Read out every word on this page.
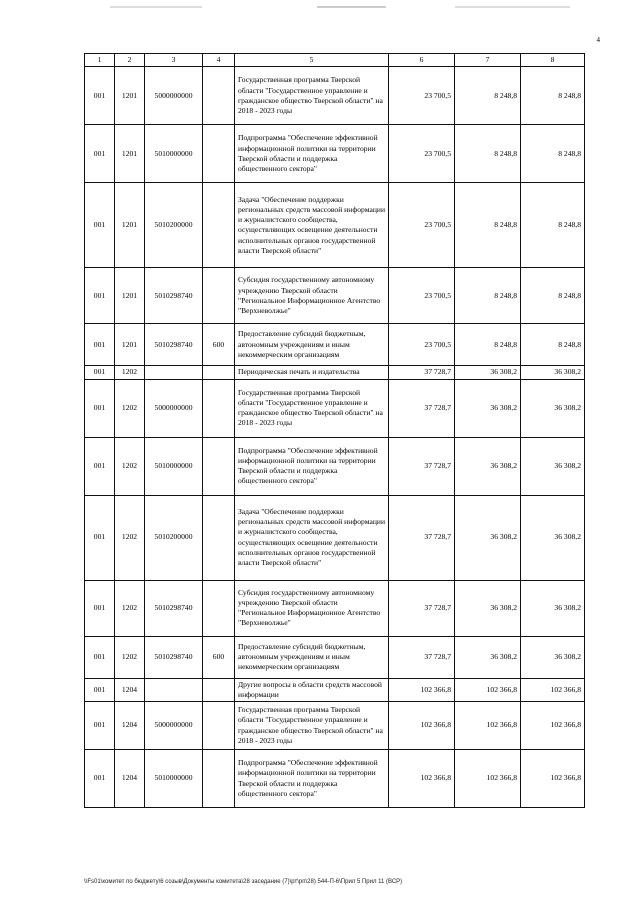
4
1	2	3	4	5	6	7	8
001	1201	5000000000		Государственная программа Тверской области "Государственное управление и гражданское общество Тверской области" на 2018 - 2023 годы	23 700,5	8 248,8	8 248,8
001	1201	5010000000		Подпрограмма "Обеспечение эффективной информационной политики на территории Тверской области и поддержка общественного сектора"	23 700,5	8 248,8	8 248,8
001	1201	5010200000		Задача "Обеспечение поддержки региональных средств массовой информации и журналистского сообщества, осуществляющих освещение деятельности исполнительных органов государственной власти Тверской области"	23 700,5	8 248,8	8 248,8
001	1201	5010298740		Субсидия государственному автономному учреждению Тверской области "Региональное Информационное Агентство "Верхневолжье"	23 700,5	8 248,8	8 248,8
001	1201	5010298740	600	Предоставление субсидий бюджетным, автономным учреждениям и иным некоммерческим организациям	23 700,5	8 248,8	8 248,8
001	1202			Периодическая печать и издательства	37 728,7	36 308,2	36 308,2
001	1202	5000000000		Государственная программа Тверской области "Государственное управление и гражданское общество Тверской области" на 2018 - 2023 годы	37 728,7	36 308,2	36 308,2
001	1202	5010000000		Подпрограмма "Обеспечение эффективной информационной политики на территории Тверской области и поддержка общественного сектора"	37 728,7	36 308,2	36 308,2
001	1202	5010200000		Задача "Обеспечение поддержки региональных средств массовой информации и журналистского сообщества, осуществляющих освещение деятельности исполнительных органов государственной власти Тверской области"	37 728,7	36 308,2	36 308,2
001	1202	5010298740		Субсидия государственному автономному учреждению Тверской области "Региональное Информационное Агентство "Верхневолжье"	37 728,7	36 308,2	36 308,2
001	1202	5010298740	600	Предоставление субсидий бюджетным, автономным учреждениям и иным некоммерческим организациям	37 728,7	36 308,2	36 308,2
001	1204			Другие вопросы в области средств массовой информации	102 366,8	102 366,8	102 366,8
001	1204	5000000000		Государственная программа Тверской области "Государственное управление и гражданское общество Тверской области" на 2018 - 2023 годы	102 366,8	102 366,8	102 366,8
001	1204	5010000000		Подпрограмма "Обеспечение эффективной информационной политики на территории Тверской области и поддержка общественного сектора"	102 366,8	102 366,8	102 366,8
\\Fs01\комитет по бюджету\6 созыв\Документы комитета\28 заседание (7)\рт\рп\28) 544-П-6\Прил 5 Прил 11 (ВСР)
